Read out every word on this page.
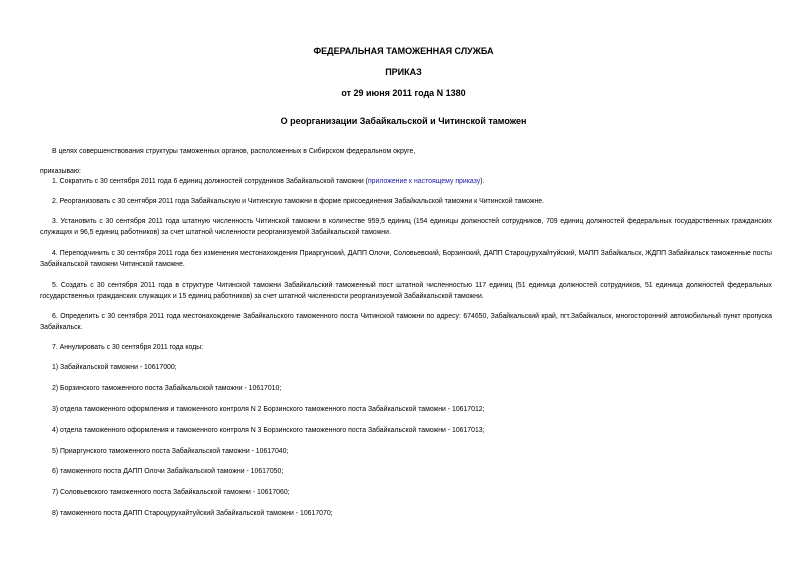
ФЕДЕРАЛЬНАЯ ТАМОЖЕННАЯ СЛУЖБА
ПРИКАЗ
от 29 июня 2011 года N 1380
О реорганизации Забайкальской и Читинской таможен
В целях совершенствования структуры таможенных органов, расположенных в Сибирском федеральном округе,
приказываю:
1. Сократить с 30 сентября 2011 года 6 единиц должностей сотрудников Забайкальской таможни (приложение к настоящему приказу).
2. Реорганизовать с 30 сентября 2011 года Забайкальскую и Читинскую таможни в форме присоединения Забайкальской таможни к Читинской таможне.
3. Установить с 30 сентября 2011 года штатную численность Читинской таможни в количестве 959,5 единиц (154 единицы должностей сотрудников, 709 единиц должностей федеральных государственных гражданских служащих и 96,5 единиц работников) за счет штатной численности реорганизуемой Забайкальской таможни.
4. Переподчинить с 30 сентября 2011 года без изменения местонахождения Приаргунский, ДАПП Олочи, Соловьевский, Борзинский, ДАПП Староцурухайтуйский, МАПП Забайкальск, ЖДПП Забайкальск таможенные посты Забайкальской таможни Читинской таможне.
5. Создать с 30 сентября 2011 года в структуре Читинской таможни Забайкальский таможенный пост штатной численностью 117 единиц (51 единица должностей сотрудников, 51 единица должностей федеральных государственных гражданских служащих и 15 единиц работников) за счет штатной численности реорганизуемой Забайкальской таможни.
6. Определить с 30 сентября 2011 года местонахождение Забайкальского таможенного поста Читинской таможни по адресу: 674650, Забайкальский край, пгт.Забайкальск, многосторонний автомобильный пункт пропуска Забайкальск.
7. Аннулировать с 30 сентября 2011 года коды:
1) Забайкальской таможни - 10617000;
2) Борзинского таможенного поста Забайкальской таможни - 10617010;
3) отдела таможенного оформления и таможенного контроля N 2 Борзинского таможенного поста Забайкальской таможни - 10617012;
4) отдела таможенного оформления и таможенного контроля N 3 Борзинского таможенного поста Забайкальской таможни - 10617013;
5) Приаргунского таможенного поста Забайкальской таможни - 10617040;
6) таможенного поста ДАПП Олочи Забайкальской таможни - 10617050;
7) Соловьевского таможенного поста Забайкальской таможни - 10617060;
8) таможенного поста ДАПП Староцурухайтуйский Забайкальской таможни - 10617070;
